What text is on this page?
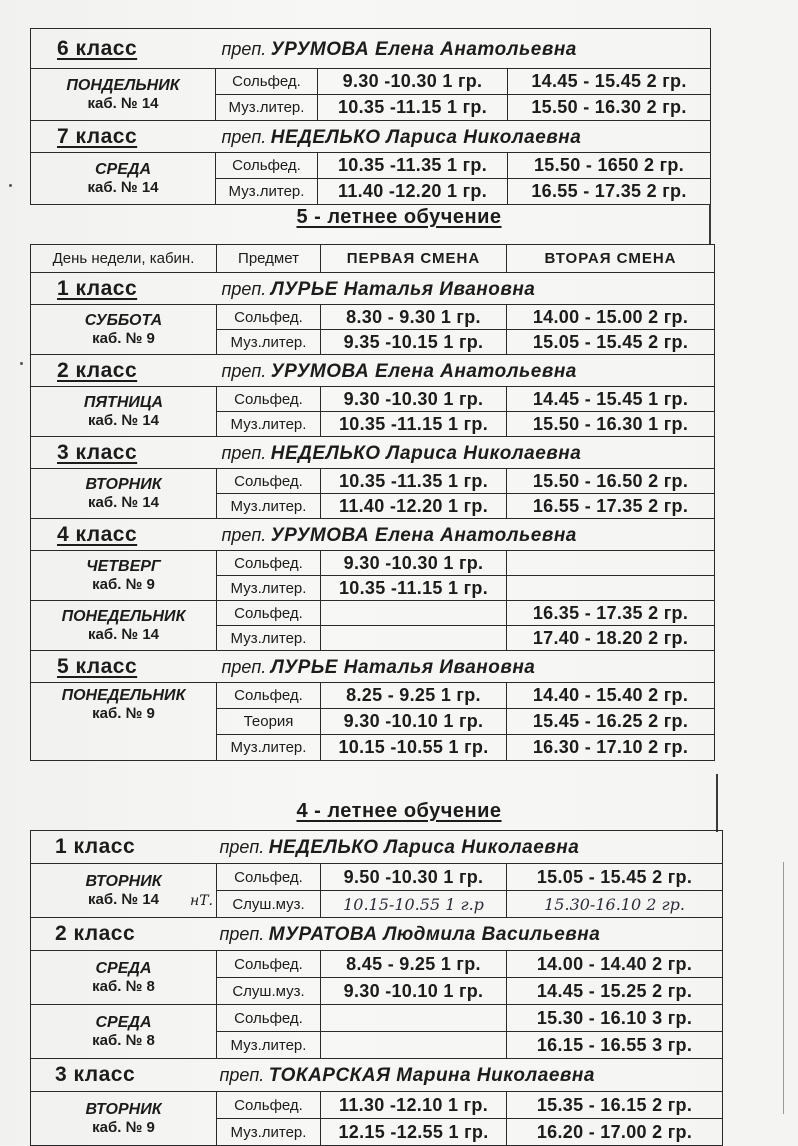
6 класс преп. УРУМОВА Елена Анатольевна			

ПОНДЕЛЬНИК
каб. № 14	Сольфед.	9.30 -10.30 1 гр.	14.45 - 15.45 2 гр.
	Муз.литер.	10.35 -11.15 1 гр.	15.50 - 16.30 2 гр.
7 класс преп. НЕДЕЛЬКО Лариса Николаевна			

СРЕДА
каб. № 14	Сольфед.	10.35 -11.35 1 гр.	15.50 - 1650 2 гр.
	Муз.литер.	11.40 -12.20 1 гр.	16.55 - 17.35 2 гр.
5 - летнее обучение
День недели, кабин.	Предмет	ПЕРВАЯ СМЕНА	ВТОРАЯ СМЕНА
1 класс преп. ЛУРЬЕ Наталья Ивановна			

СУББОТА
каб. № 9	Сольфед.	8.30 - 9.30 1 гр.	14.00 - 15.00 2 гр.
	Муз.литер.	9.35 -10.15 1 гр.	15.05 - 15.45 2 гр.
2 класс преп. УРУМОВА Елена Анатольевна			

ПЯТНИЦА
каб. № 14	Сольфед.	9.30 -10.30 1 гр.	14.45 - 15.45 1 гр.
	Муз.литер.	10.35 -11.15 1 гр.	15.50 - 16.30 1 гр.
3 класс преп. НЕДЕЛЬКО Лариса Николаевна			

ВТОРНИК
каб. № 14	Сольфед.	10.35 -11.35 1 гр.	15.50 - 16.50 2 гр.
	Муз.литер.	11.40 -12.20 1 гр.	16.55 - 17.35 2 гр.
4 класс преп. УРУМОВА Елена Анатольевна			

ЧЕТВЕРГ
каб. № 9	Сольфед.	9.30 -10.30 1 гр.	
	Муз.литер.	10.35 -11.15 1 гр.	

ПОНЕДЕЛЬНИК
каб. № 14	Сольфед.		16.35 - 17.35 2 гр.
	Муз.литер.		17.40 - 18.20 2 гр.
5 класс преп. ЛУРЬЕ Наталья Ивановна			

ПОНЕДЕЛЬНИК
каб. № 9	Сольфед.	8.25 - 9.25 1 гр.	14.40 - 15.40 2 гр.
	Теория	9.30 -10.10 1 гр.	15.45 - 16.25 2 гр.
	Муз.литер.	10.15 -10.55 1 гр.	16.30 - 17.10 2 гр.
4 - летнее обучение
1 класс преп. НЕДЕЛЬКО Лариса Николаевна			

ВТОРНИК
каб. № 14	Сольфед.	9.50 -10.30 1 гр.	15.05 - 15.45 2 гр.
	Слуш.муз.	10.15-10.55 1 г.р	15.30-16.10 2 гр.
2 класс преп. МУРАТОВА Людмила Васильевна			

СРЕДА
каб. № 8	Сольфед.	8.45 - 9.25 1 гр.	14.00 - 14.40 2 гр.
	Слуш.муз.	9.30 -10.10 1 гр.	14.45 - 15.25 2 гр.

СРЕДА
каб. № 8	Сольфед.		15.30 - 16.10 3 гр.
	Муз.литер.		16.15 - 16.55 3 гр.
3 класс преп. ТОКАРСКАЯ Марина Николаевна			

ВТОРНИК
каб. № 9	Сольфед.	11.30 -12.10 1 гр.	15.35 - 16.15 2 гр.
	Муз.литер.	12.15 -12.55 1 гр.	16.20 - 17.00 2 гр.
нТ.
